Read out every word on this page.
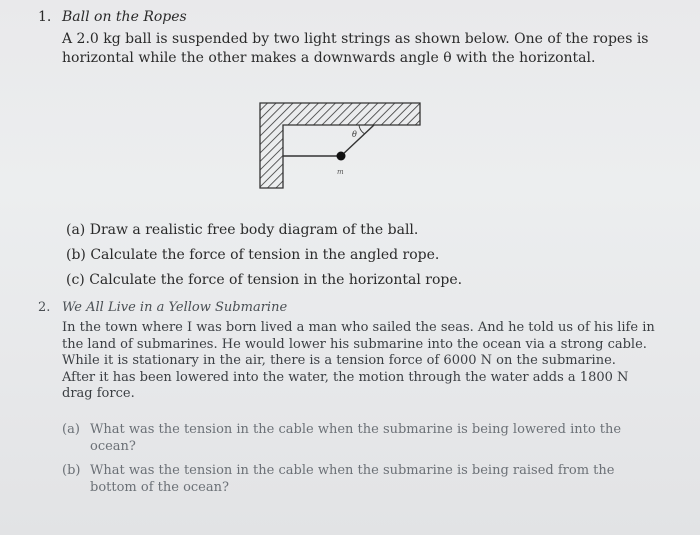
1. Ball on the Ropes
A 2.0 kg ball is suspended by two light strings as shown below. One of the ropes is
horizontal while the other makes a downwards angle θ with the horizontal.
θ
m
(a) Draw a realistic free body diagram of the ball.
(b) Calculate the force of tension in the angled rope.
(c) Calculate the force of tension in the horizontal rope.
2. We All Live in a Yellow Submarine
In the town where I was born lived a man who sailed the seas. And he told us of his life in
the land of submarines. He would lower his submarine into the ocean via a strong cable.
While it is stationary in the air, there is a tension force of 6000 N on the submarine.
After it has been lowered into the water, the motion through the water adds a 1800 N
drag force.
(a) What was the tension in the cable when the submarine is being lowered into the
ocean?
(b) What was the tension in the cable when the submarine is being raised from the
bottom of the ocean?
